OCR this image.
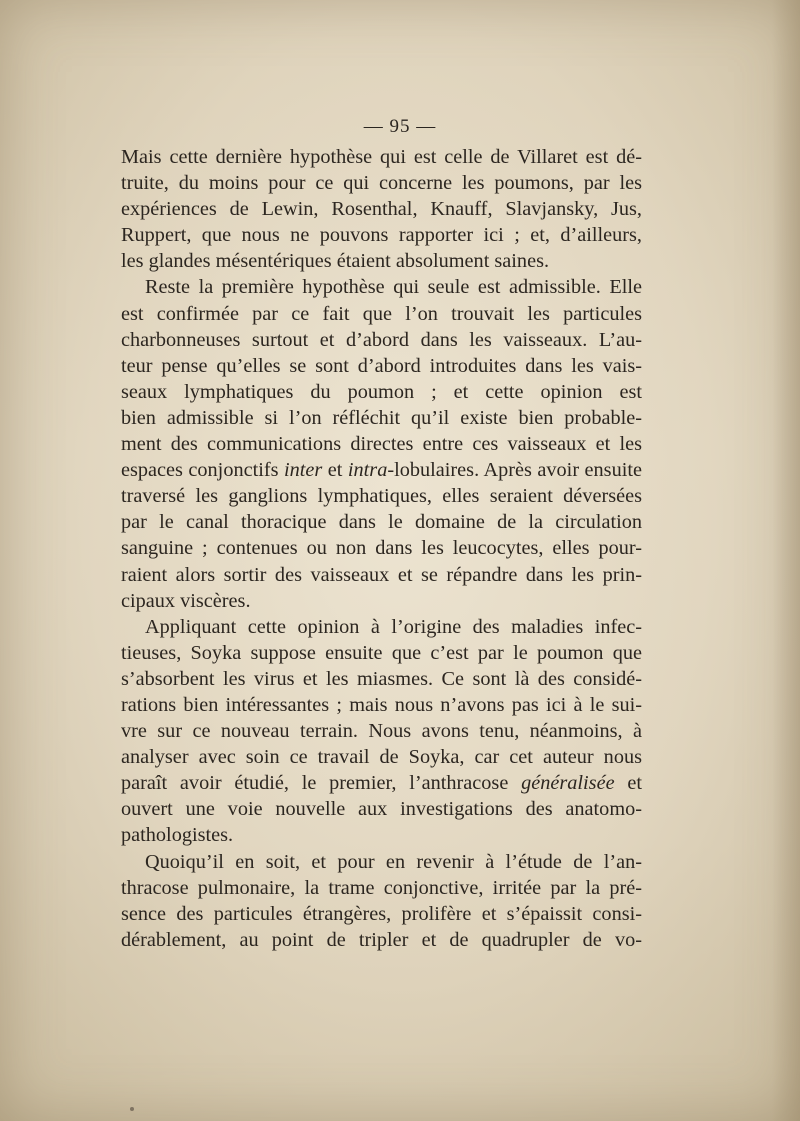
— 95 —
Mais cette dernière hypothèse qui est celle de Villaret est dé-
truite, du moins pour ce qui concerne les poumons, par les
expériences de Lewin, Rosenthal, Knauff, Slavjansky, Jus,
Ruppert, que nous ne pouvons rapporter ici ; et, d’ailleurs,
les glandes mésentériques étaient absolument saines.
Reste la première hypothèse qui seule est admissible. Elle
est confirmée par ce fait que l’on trouvait les particules
charbonneuses surtout et d’abord dans les vaisseaux. L’au-
teur pense qu’elles se sont d’abord introduites dans les vais-
seaux lymphatiques du poumon ; et cette opinion est
bien admissible si l’on réfléchit qu’il existe bien probable-
ment des communications directes entre ces vaisseaux et les
espaces conjonctifs inter et intra-lobulaires. Après avoir ensuite
traversé les ganglions lymphatiques, elles seraient déversées
par le canal thoracique dans le domaine de la circulation
sanguine ; contenues ou non dans les leucocytes, elles pour-
raient alors sortir des vaisseaux et se répandre dans les prin-
cipaux viscères.
Appliquant cette opinion à l’origine des maladies infec-
tieuses, Soyka suppose ensuite que c’est par le poumon que
s’absorbent les virus et les miasmes. Ce sont là des considé-
rations bien intéressantes ; mais nous n’avons pas ici à le sui-
vre sur ce nouveau terrain. Nous avons tenu, néanmoins, à
analyser avec soin ce travail de Soyka, car cet auteur nous
paraît avoir étudié, le premier, l’anthracose généralisée et
ouvert une voie nouvelle aux investigations des anatomo-
pathologistes.
Quoiqu’il en soit, et pour en revenir à l’étude de l’an-
thracose pulmonaire, la trame conjonctive, irritée par la pré-
sence des particules étrangères, prolifère et s’épaissit consi-
dérablement, au point de tripler et de quadrupler de vo-
